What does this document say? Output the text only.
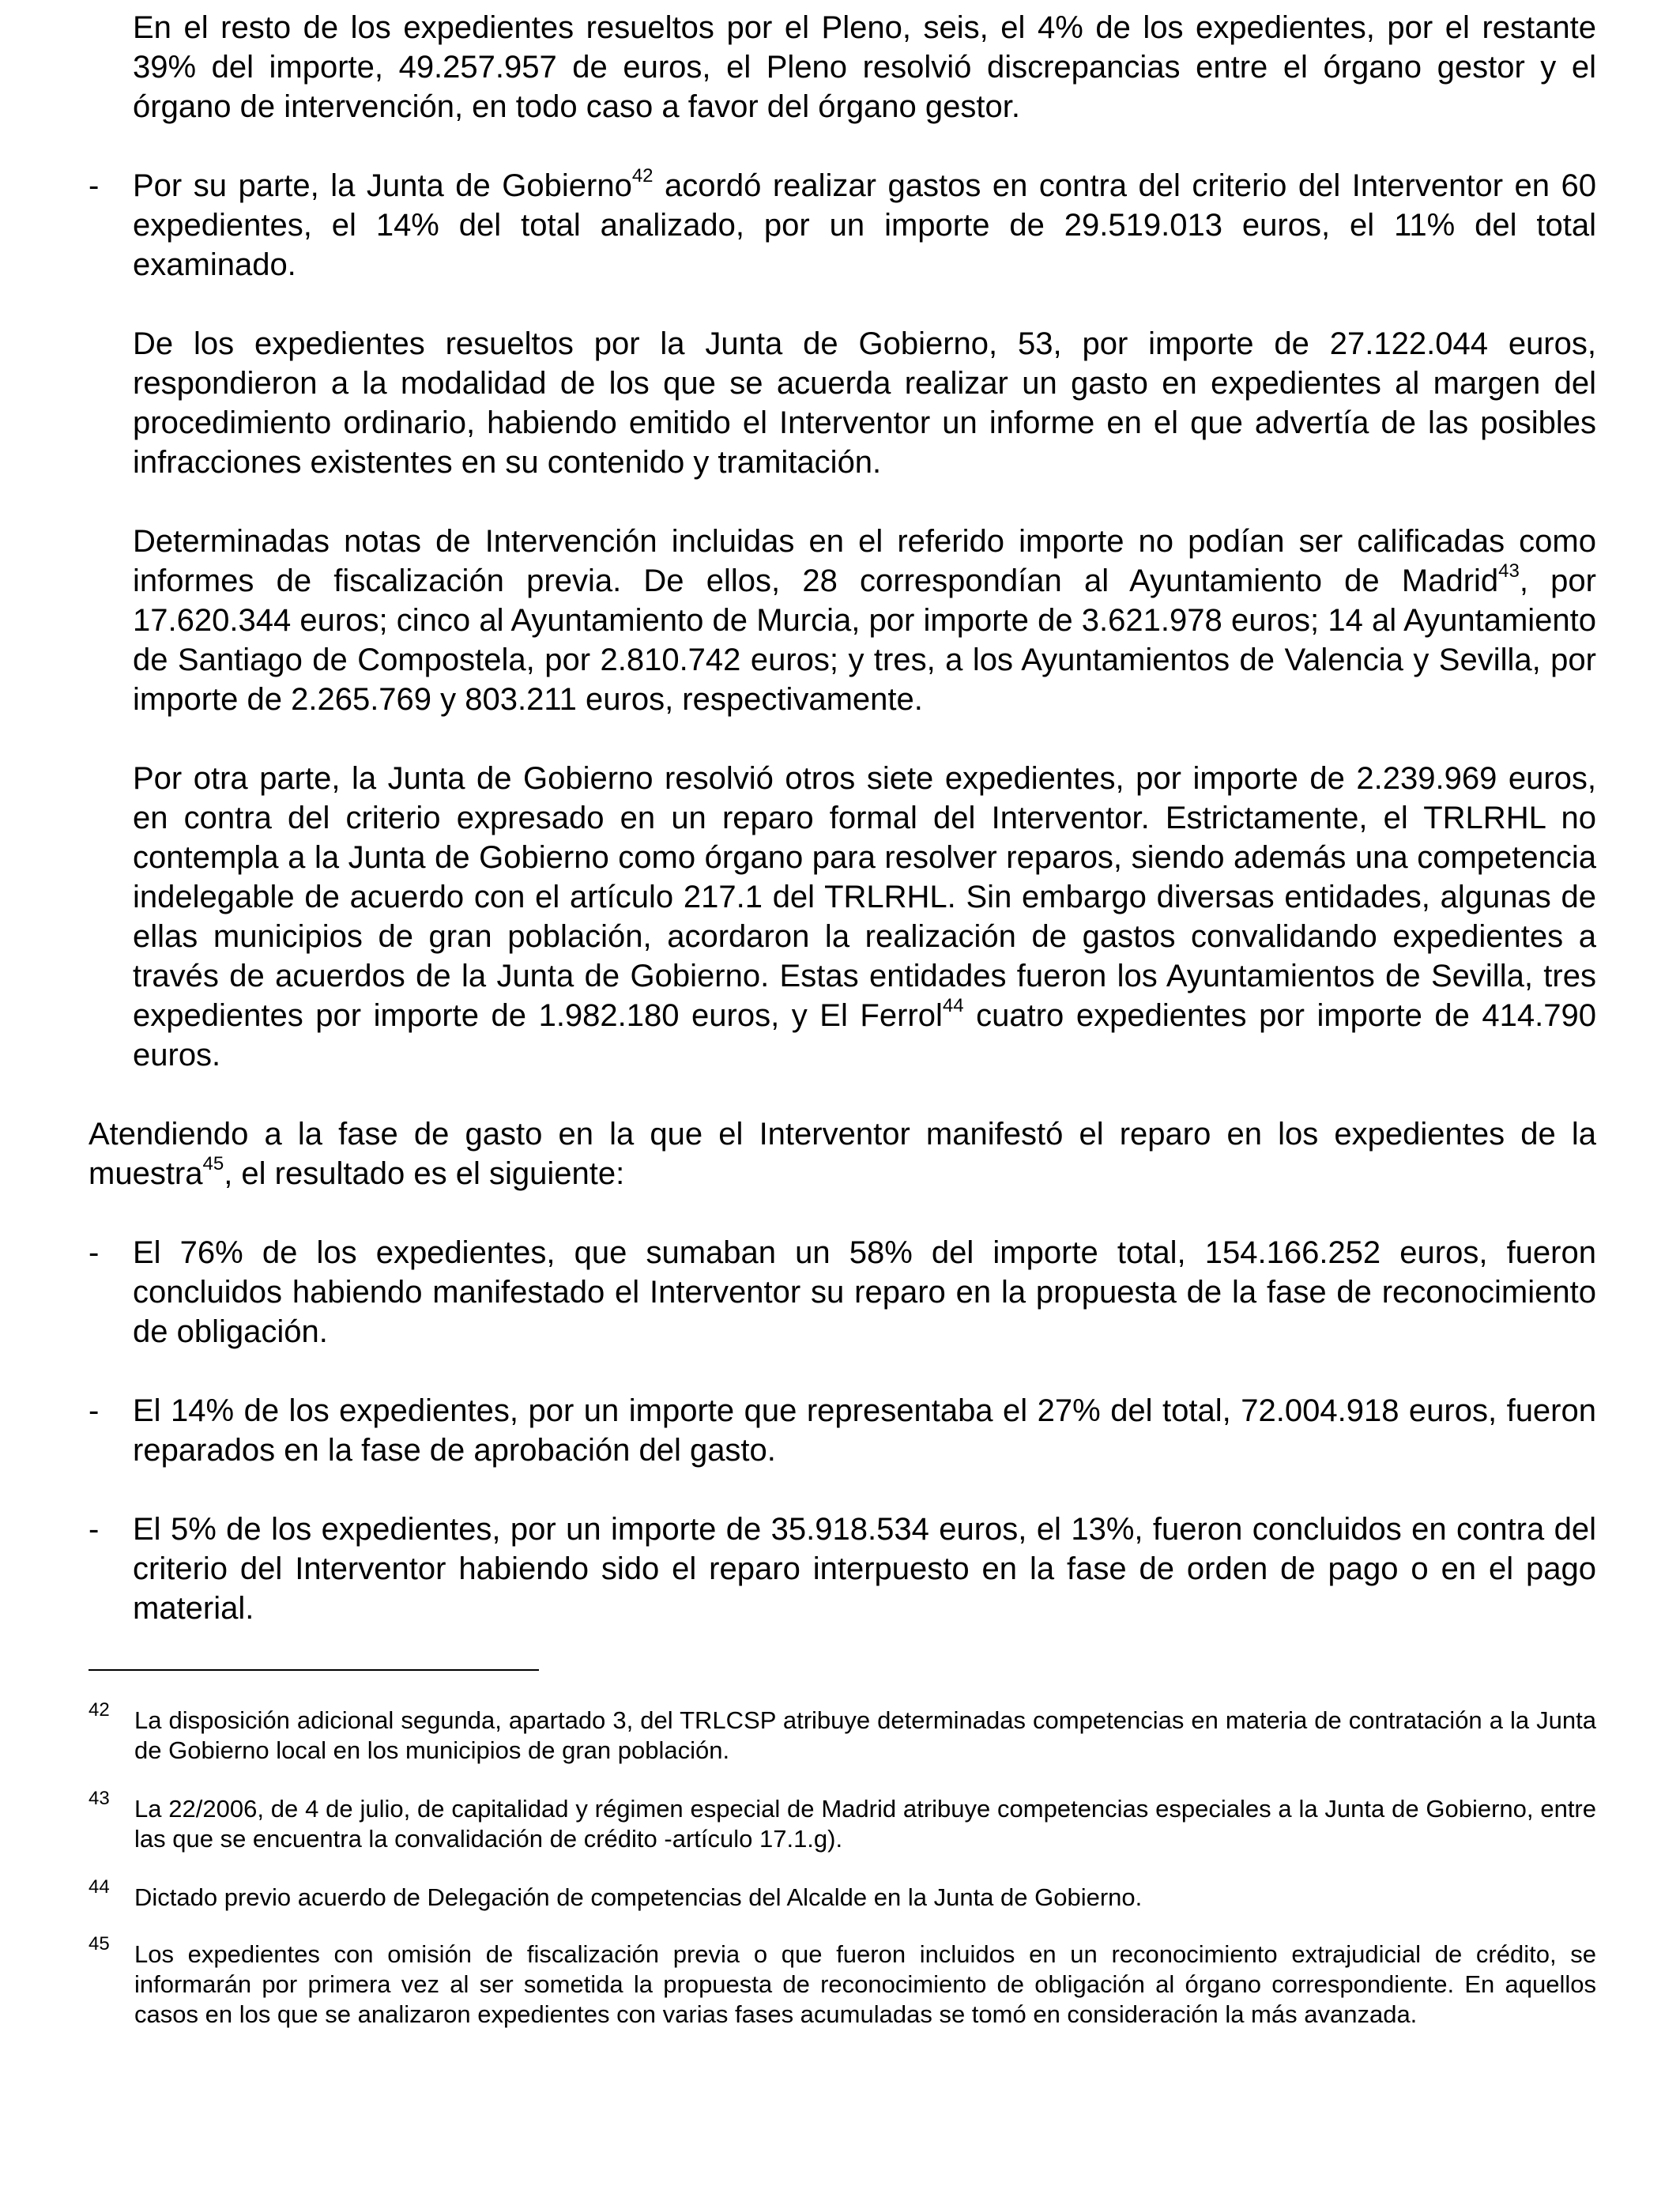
En el resto de los expedientes resueltos por el Pleno, seis, el 4% de los expedientes, por el restante 39% del importe, 49.257.957 de euros, el Pleno resolvió discrepancias entre el órgano gestor y el órgano de intervención, en todo caso a favor del órgano gestor.

- Por su parte, la Junta de Gobierno$^{42}$ acordó realizar gastos en contra del criterio del Interventor en 60 expedientes, el 14% del total analizado, por un importe de 29.519.013 euros, el 11% del total examinado.

De los expedientes resueltos por la Junta de Gobierno, 53, por importe de 27.122.044 euros, respondieron a la modalidad de los que se acuerda realizar un gasto en expedientes al margen del procedimiento ordinario, habiendo emitido el Interventor un informe en el que advertía de las posibles infracciones existentes en su contenido y tramitación.

Determinadas notas de Intervención incluidas en el referido importe no podían ser calificadas como informes de fiscalización previa. De ellos, 28 correspondían al Ayuntamiento de Madrid$^{43}$, por 17.620.344 euros; cinco al Ayuntamiento de Murcia, por importe de 3.621.978 euros; 14 al Ayuntamiento de Santiago de Compostela, por 2.810.742 euros; y tres, a los Ayuntamientos de Valencia y Sevilla, por importe de 2.265.769 y 803.211 euros, respectivamente.

Por otra parte, la Junta de Gobierno resolvió otros siete expedientes, por importe de 2.239.969 euros, en contra del criterio expresado en un reparo formal del Interventor. Estrictamente, el TRLRHL no contempla a la Junta de Gobierno como órgano para resolver reparos, siendo además una competencia indelegable de acuerdo con el artículo 217.1 del TRLRHL. Sin embargo diversas entidades, algunas de ellas municipios de gran población, acordaron la realización de gastos convalidando expedientes a través de acuerdos de la Junta de Gobierno. Estas entidades fueron los Ayuntamientos de Sevilla, tres expedientes por importe de 1.982.180 euros, y El Ferrol$^{44}$ cuatro expedientes por importe de 414.790 euros.

Atendiendo a la fase de gasto en la que el Interventor manifestó el reparo en los expedientes de la muestra$^{45}$, el resultado es el siguiente:

- El 76% de los expedientes, que sumaban un 58% del importe total, 154.166.252 euros, fueron concluidos habiendo manifestado el Interventor su reparo en la propuesta de la fase de reconocimiento de obligación.

- El 14% de los expedientes, por un importe que representaba el 27% del total, 72.004.918 euros, fueron reparados en la fase de aprobación del gasto.

- El 5% de los expedientes, por un importe de 35.918.534 euros, el 13%, fueron concluidos en contra del criterio del Interventor habiendo sido el reparo interpuesto en la fase de orden de pago o en el pago material.

42 La disposición adicional segunda, apartado 3, del TRLCSP atribuye determinadas competencias en materia de contratación a la Junta de Gobierno local en los municipios de gran población.

43 La 22/2006, de 4 de julio, de capitalidad y régimen especial de Madrid atribuye competencias especiales a la Junta de Gobierno, entre las que se encuentra la convalidación de crédito -artículo 17.1.g).

44 Dictado previo acuerdo de Delegación de competencias del Alcalde en la Junta de Gobierno.

45 Los expedientes con omisión de fiscalización previa o que fueron incluidos en un reconocimiento extrajudicial de crédito, se informarán por primera vez al ser sometida la propuesta de reconocimiento de obligación al órgano correspondiente. En aquellos casos en los que se analizaron expedientes con varias fases acumuladas se tomó en consideración la más avanzada.
